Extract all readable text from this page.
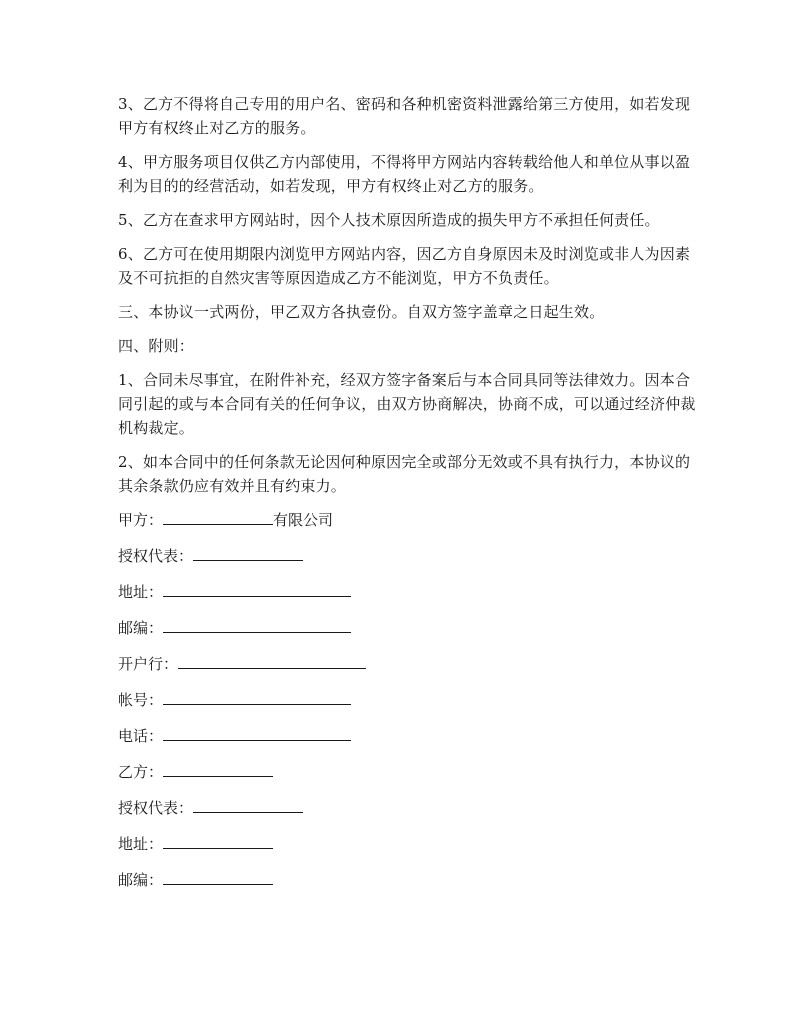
3、乙方不得将自己专用的用户名、密码和各种机密资料泄露给第三方使用，如若发现甲方有权终止对乙方的服务。

4、甲方服务项目仅供乙方内部使用，不得将甲方网站内容转载给他人和单位从事以盈利为目的的经营活动，如若发现，甲方有权终止对乙方的服务。

5、乙方在查求甲方网站时，因个人技术原因所造成的损失甲方不承担任何责任。

6、乙方可在使用期限内浏览甲方网站内容，因乙方自身原因未及时浏览或非人为因素及不可抗拒的自然灾害等原因造成乙方不能浏览，甲方不负责任。

三、本协议一式两份，甲乙双方各执壹份。自双方签字盖章之日起生效。

四、附则：

1、合同未尽事宜，在附件补充，经双方签字备案后与本合同具同等法律效力。因本合同引起的或与本合同有关的任何争议，由双方协商解决，协商不成，可以通过经济仲裁机构裁定。

2、如本合同中的任何条款无论因何种原因完全或部分无效或不具有执行力，本协议的其余条款仍应有效并且有约束力。

甲方：	有限公司
授权代表：
地址：
邮编：
开户行：
帐号：
电话：
乙方：
授权代表：
地址：
邮编：
